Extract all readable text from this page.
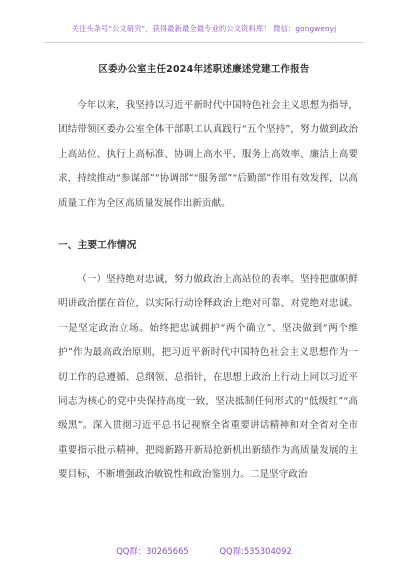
关注头条号"公文研究"，获得最新最全最专业的公文资料库！ 微信：gongwenyj
区委办公室主任2024年述职述廉述党建工作报告
今年以来，我坚持以习近平新时代中国特色社会主义思想为指导，团结带领区委办公室全体干部职工认真践行“五个坚持”，努力做到政治上高站位、执行上高标准、协调上高水平、服务上高效率、廉洁上高要求，持续推动“参谋部”“协调部”“服务部”“后勤部”作用有效发挥，以高质量工作为全区高质量发展作出新贡献。
一、主要工作情况
（一）坚持绝对忠诚，努力做政治上高站位的表率。坚持把旗帜鲜明讲政治摆在首位，以实际行动诠释政治上绝对可靠、对党绝对忠诚。一是坚定政治立场。始终把忠诚拥护“两个确立”、坚决做到“两个维护”作为最高政治原则，把习近平新时代中国特色社会主义思想作为一切工作的总遵循、总纲领、总指针，在思想上政治上行动上同以习近平同志为核心的党中央保持高度一致，坚决抵制任何形式的“低级红”“高级黑”。深入贯彻习近平总书记视察全省重要讲话精神和对全省对全市重要指示批示精神，把阅新路开新局抢新机出新绩作为高质量发展的主要目标，不断增强政治敏锐性和政治鉴别力。二是坚守政治
QQ群：30265665	QQ群:535304092
